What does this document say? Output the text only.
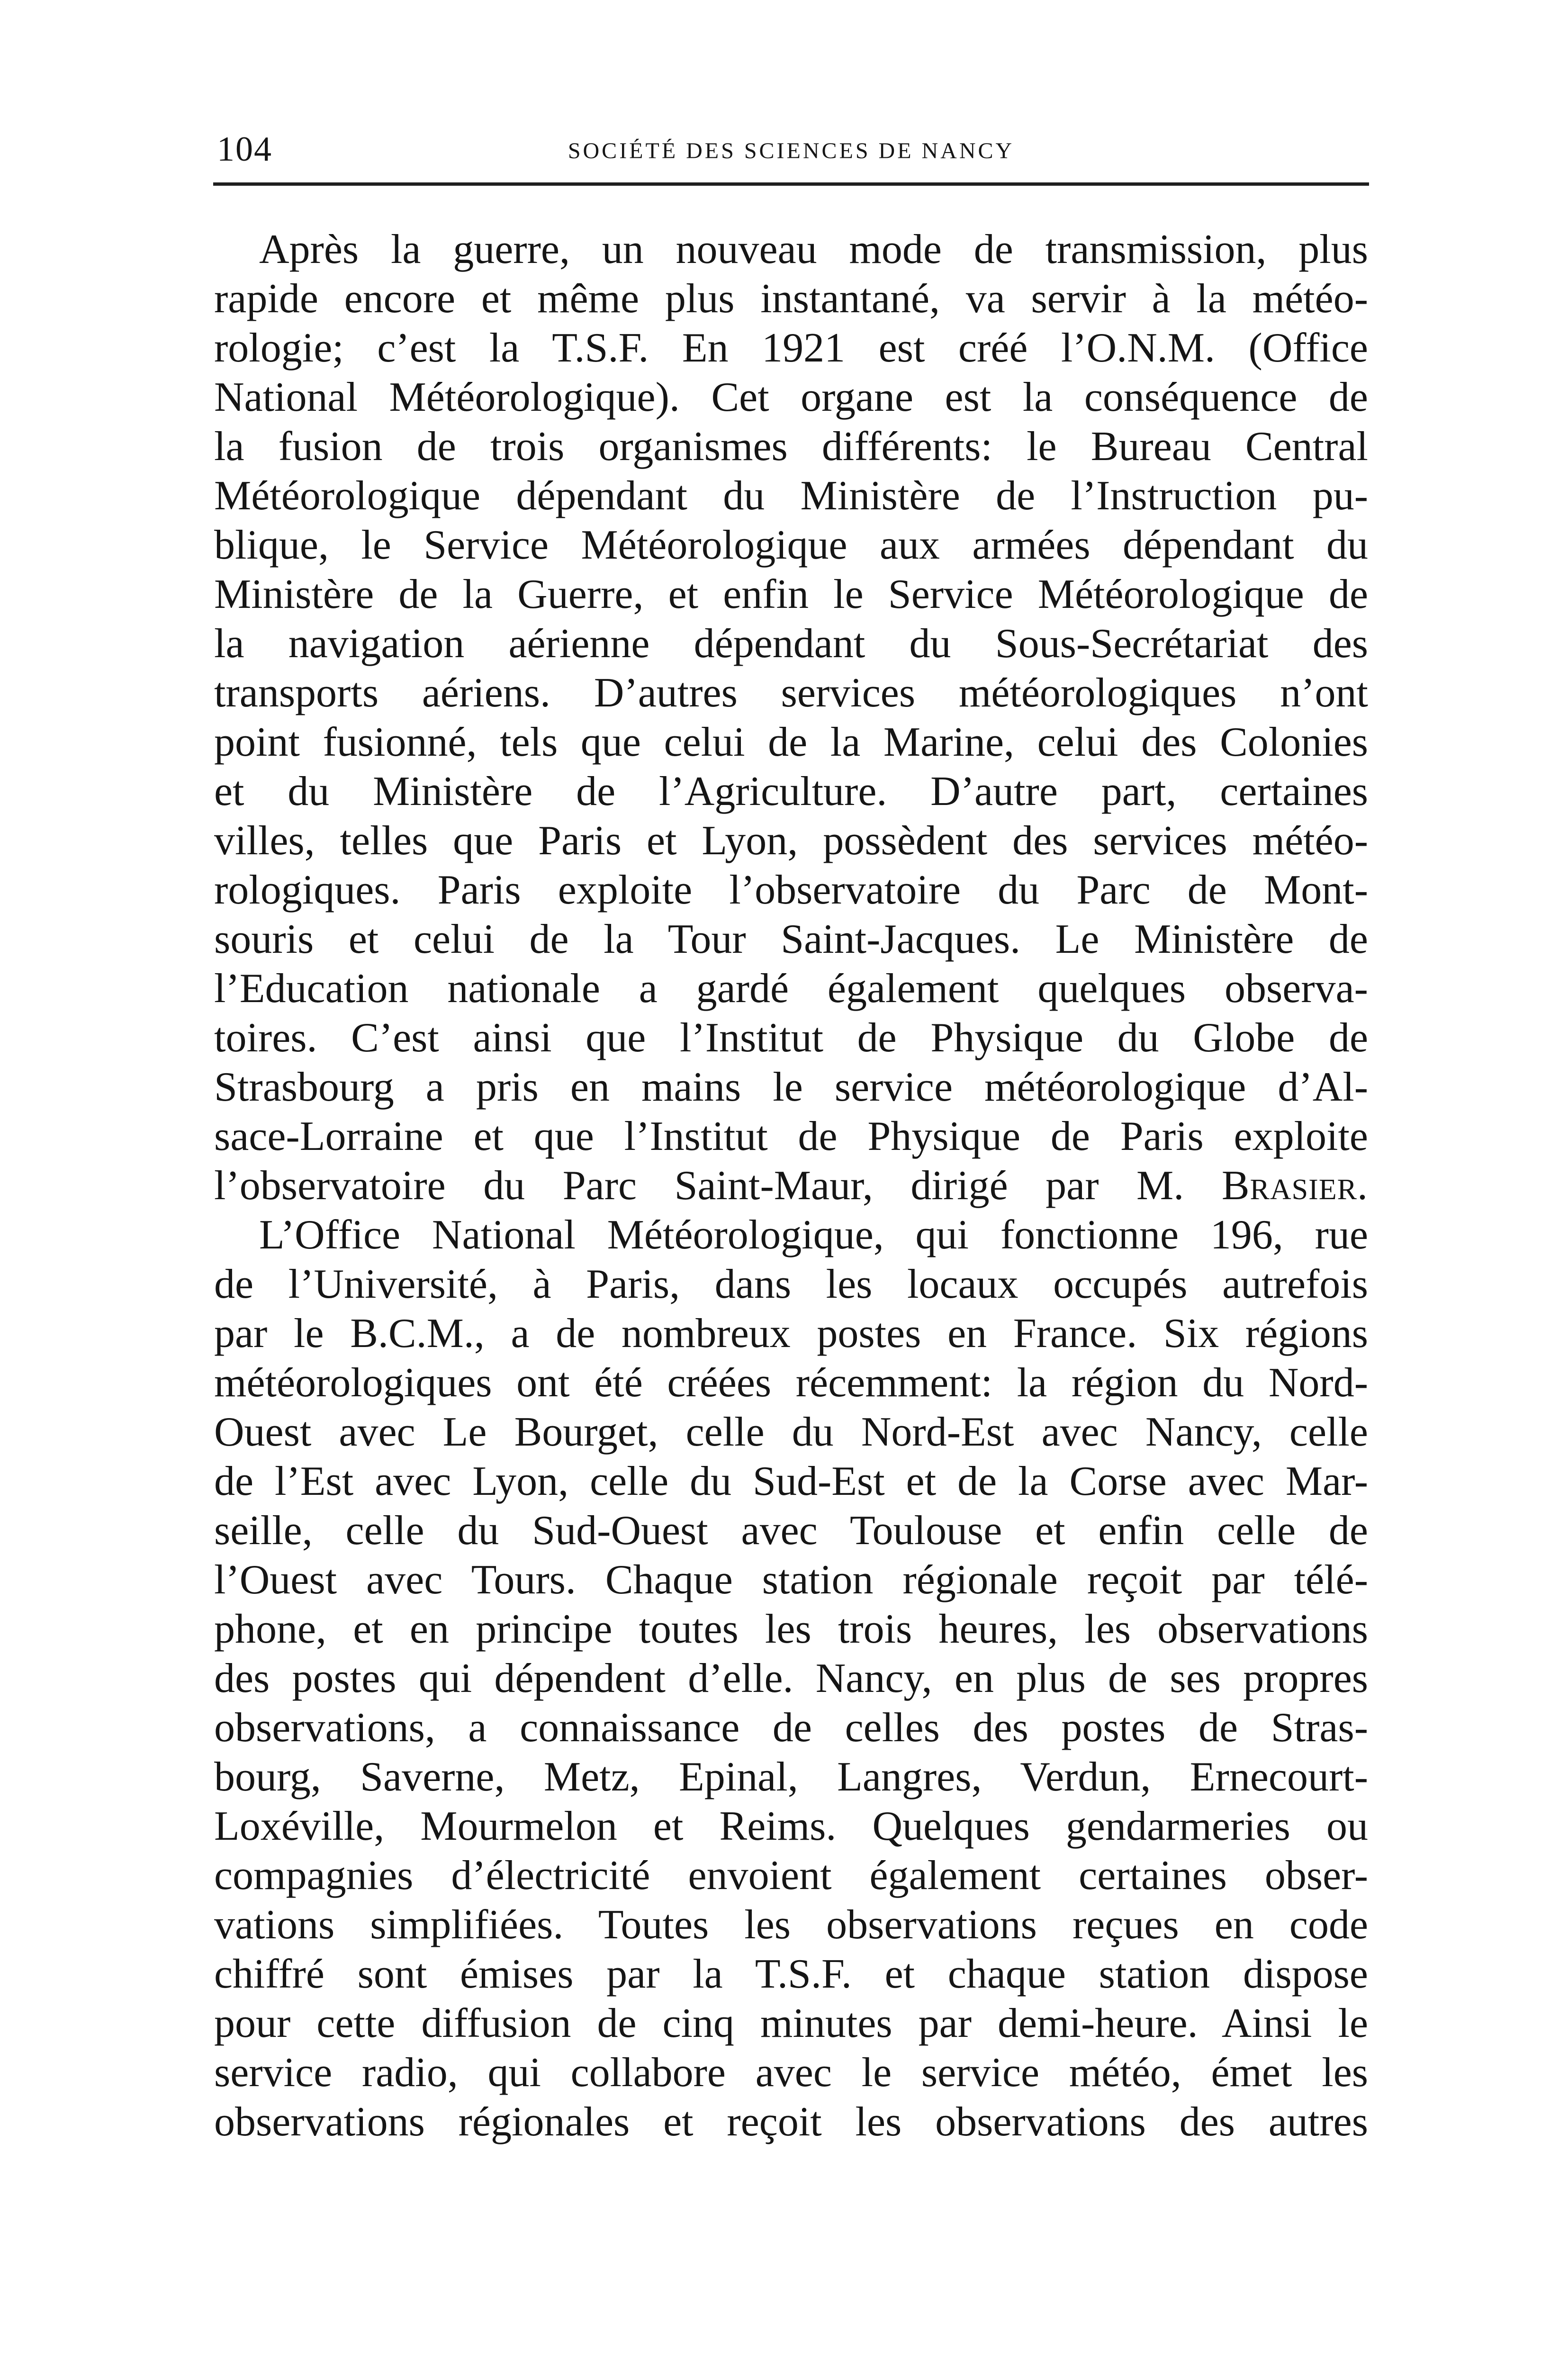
104	SOCIÉTÉ DES SCIENCES DE NANCY
Après la guerre, un nouveau mode de transmission, plus
rapide encore et même plus instantané, va servir à la météo-
rologie; c’est la T.S.F. En 1921 est créé l’O.N.M. (Office
National Météorologique). Cet organe est la conséquence de
la fusion de trois organismes différents: le Bureau Central
Météorologique dépendant du Ministère de l’Instruction pu-
blique, le Service Météorologique aux armées dépendant du
Ministère de la Guerre, et enfin le Service Météorologique de
la navigation aérienne dépendant du Sous-Secrétariat des
transports aériens. D’autres services météorologiques n’ont
point fusionné, tels que celui de la Marine, celui des Colonies
et du Ministère de l’Agriculture. D’autre part, certaines
villes, telles que Paris et Lyon, possèdent des services météo-
rologiques. Paris exploite l’observatoire du Parc de Mont-
souris et celui de la Tour Saint-Jacques. Le Ministère de
l’Education nationale a gardé également quelques observa-
toires. C’est ainsi que l’Institut de Physique du Globe de
Strasbourg a pris en mains le service météorologique d’Al-
sace-Lorraine et que l’Institut de Physique de Paris exploite
l’observatoire du Parc Saint-Maur, dirigé par M. Brasier.
L’Office National Météorologique, qui fonctionne 196, rue
de l’Université, à Paris, dans les locaux occupés autrefois
par le B.C.M., a de nombreux postes en France. Six régions
météorologiques ont été créées récemment: la région du Nord-
Ouest avec Le Bourget, celle du Nord-Est avec Nancy, celle
de l’Est avec Lyon, celle du Sud-Est et de la Corse avec Mar-
seille, celle du Sud-Ouest avec Toulouse et enfin celle de
l’Ouest avec Tours. Chaque station régionale reçoit par télé-
phone, et en principe toutes les trois heures, les observations
des postes qui dépendent d’elle. Nancy, en plus de ses propres
observations, a connaissance de celles des postes de Stras-
bourg, Saverne, Metz, Epinal, Langres, Verdun, Ernecourt-
Loxéville, Mourmelon et Reims. Quelques gendarmeries ou
compagnies d’électricité envoient également certaines obser-
vations simplifiées. Toutes les observations reçues en code
chiffré sont émises par la T.S.F. et chaque station dispose
pour cette diffusion de cinq minutes par demi-heure. Ainsi le
service radio, qui collabore avec le service météo, émet les
observations régionales et reçoit les observations des autres
